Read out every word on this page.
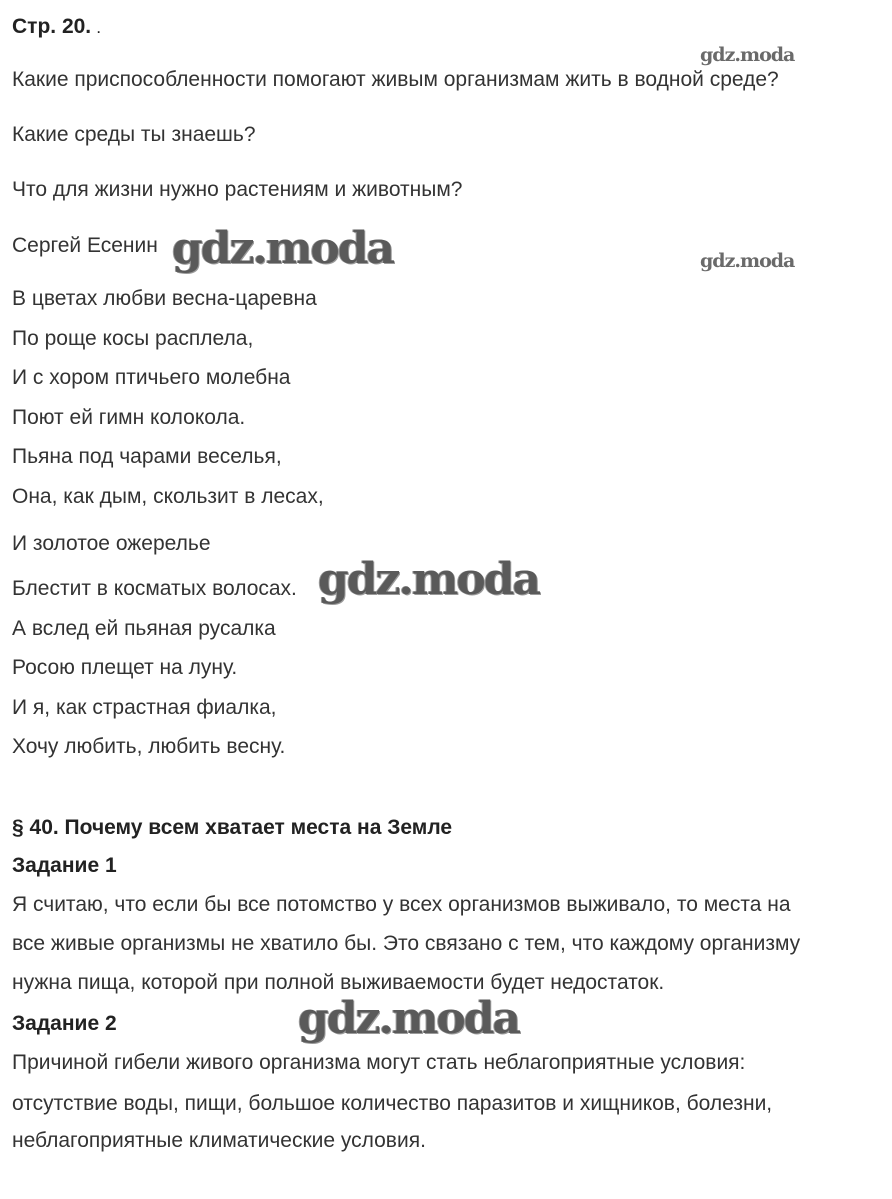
Стр. 20. .
Какие приспособленности помогают живым организмам жить в водной среде?
Какие среды ты знаешь?
Что для жизни нужно растениям и животным?
Сергей Есенин
В цветах любви весна-царевна
По роще косы расплела,
И с хором птичьего молебна
Поют ей гимн колокола.
Пьяна под чарами веселья,
Она, как дым, скользит в лесах,
И золотое ожерелье
Блестит в косматых волосах.
А вслед ей пьяная русалка
Росою плещет на луну.
И я, как страстная фиалка,
Хочу любить, любить весну.
§ 40. Почему всем хватает места на Земле
Задание 1
Я считаю, что если бы все потомство у всех организмов выживало, то места на
все живые организмы не хватило бы. Это связано с тем, что каждому организму
нужна пища, которой при полной выживаемости будет недостаток.
Задание 2
Причиной гибели живого организма могут стать неблагоприятные условия:
отсутствие воды, пищи, большое количество паразитов и хищников, болезни,
неблагоприятные климатические условия.
gdz.moda
gdz.moda
gdz.moda
gdz.moda
gdz.moda
